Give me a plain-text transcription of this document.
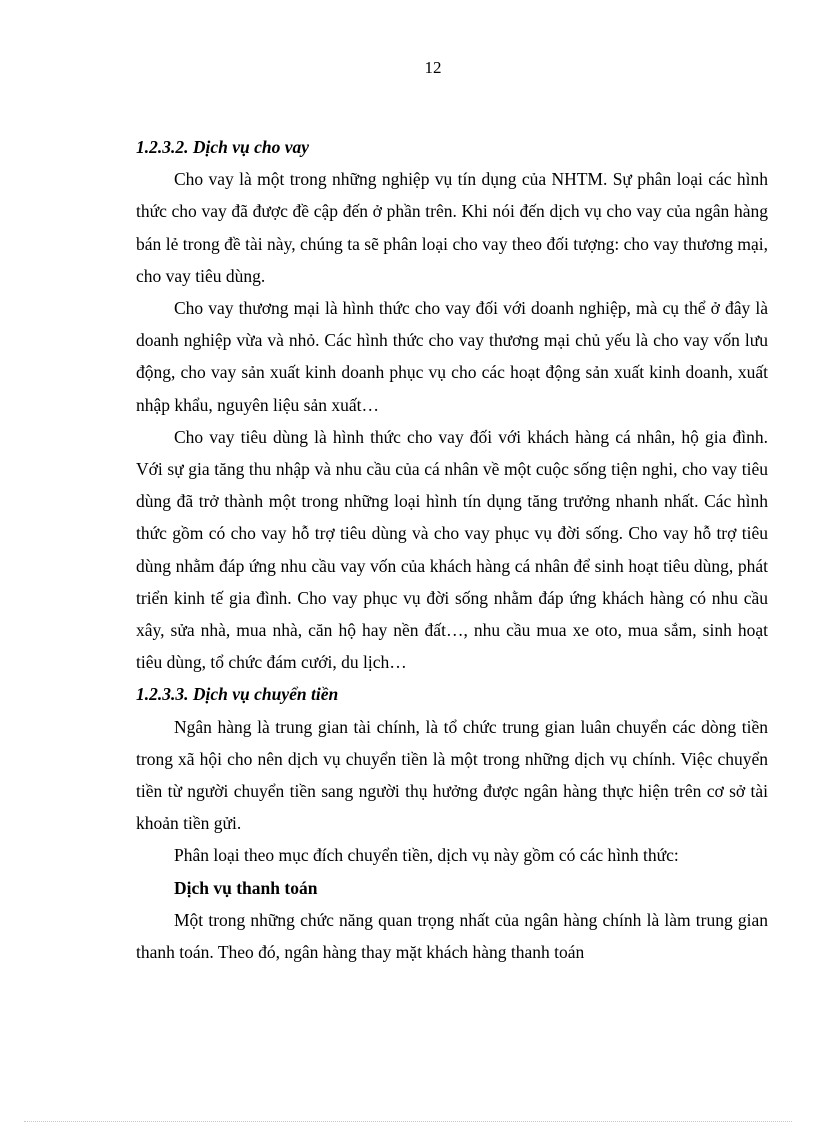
12

1.2.3.2. Dịch vụ cho vay

Cho vay là một trong những nghiệp vụ tín dụng của NHTM. Sự phân loại các hình thức cho vay đã được đề cập đến ở phần trên. Khi nói đến dịch vụ cho vay của ngân hàng bán lẻ trong đề tài này, chúng ta sẽ phân loại cho vay theo đối tượng: cho vay thương mại, cho vay tiêu dùng.

Cho vay thương mại là hình thức cho vay đối với doanh nghiệp, mà cụ thể ở đây là doanh nghiệp vừa và nhỏ. Các hình thức cho vay thương mại chủ yếu là cho vay vốn lưu động, cho vay sản xuất kinh doanh phục vụ cho các hoạt động sản xuất kinh doanh, xuất nhập khẩu, nguyên liệu sản xuất…

Cho vay tiêu dùng là hình thức cho vay đối với khách hàng cá nhân, hộ gia đình. Với sự gia tăng thu nhập và nhu cầu của cá nhân về một cuộc sống tiện nghi, cho vay tiêu dùng đã trở thành một trong những loại hình tín dụng tăng trưởng nhanh nhất. Các hình thức gồm có cho vay hỗ trợ tiêu dùng và cho vay phục vụ đời sống. Cho vay hỗ trợ tiêu dùng nhằm đáp ứng nhu cầu vay vốn của khách hàng cá nhân để sinh hoạt tiêu dùng, phát triển kinh tế gia đình. Cho vay phục vụ đời sống nhằm đáp ứng khách hàng có nhu cầu xây, sửa nhà, mua nhà, căn hộ hay nền đất…, nhu cầu mua xe oto, mua sắm, sinh hoạt tiêu dùng, tổ chức đám cưới, du lịch…

1.2.3.3. Dịch vụ chuyển tiền

Ngân hàng là trung gian tài chính, là tổ chức trung gian luân chuyển các dòng tiền trong xã hội cho nên dịch vụ chuyển tiền là một trong những dịch vụ chính. Việc chuyển tiền từ người chuyển tiền sang người thụ hưởng được ngân hàng thực hiện trên cơ sở tài khoản tiền gửi.

Phân loại theo mục đích chuyển tiền, dịch vụ này gồm có các hình thức:

Dịch vụ thanh toán

Một trong những chức năng quan trọng nhất của ngân hàng chính là làm trung gian thanh toán. Theo đó, ngân hàng thay mặt khách hàng thanh toán
